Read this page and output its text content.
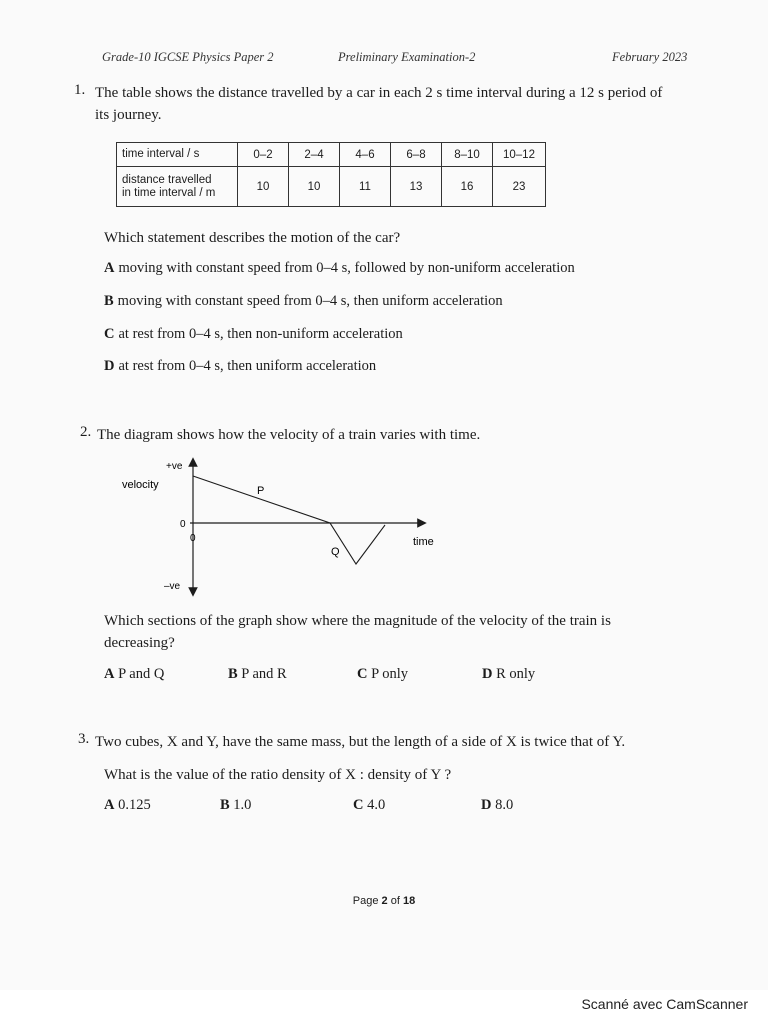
Grade-10 IGCSE Physics Paper 2	Preliminary Examination-2	February 2023
1. The table shows the distance travelled by a car in each 2 s time interval during a 12 s period of
its journey.
time interval / s	0–2	2–4	4–6	6–8	8–10	10–12

distance travelled
in time interval / m	10	10	11	13	16	23
Which statement describes the motion of the car?
A moving with constant speed from 0–4 s, followed by non-uniform acceleration
B moving with constant speed from 0–4 s, then uniform acceleration
C at rest from 0–4 s, then non-uniform acceleration
D at rest from 0–4 s, then uniform acceleration
2. The diagram shows how the velocity of a train varies with time.
+ve
velocity
0
0
P
Q
time
–ve
Which sections of the graph show where the magnitude of the velocity of the train is
decreasing?
A P and Q	B P and R	C P only	D R only
3. Two cubes, X and Y, have the same mass, but the length of a side of X is twice that of Y.
What is the value of the ratio density of X : density of Y ?
A 0.125	B 1.0	C 4.0	D 8.0
Page 2 of 18
Scanné avec CamScanner
